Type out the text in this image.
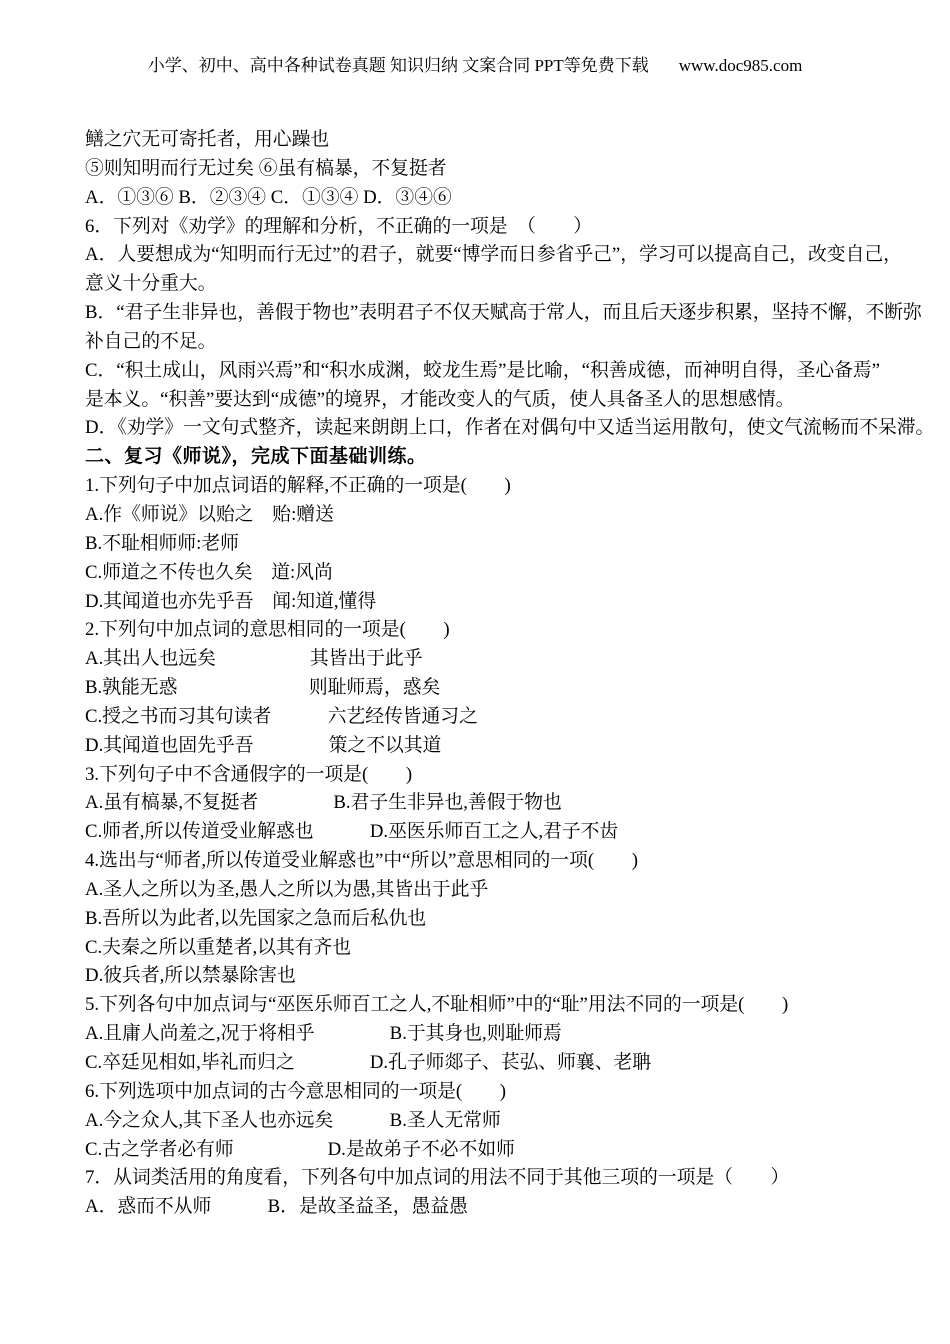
小学、初中、高中各种试卷真题 知识归纳 文案合同 PPT等免费下载 www.doc985.com
鳝之穴无可寄托者，用心躁也
⑤则知明而行无过矣 ⑥虽有槁暴，不复挺者
A．①③⑥ B．②③④ C．①③④ D．③④⑥
6．下列对《劝学》的理解和分析，不正确的一项是　（　　）
A．人要想成为“知明而行无过”的君子，就要“博学而日参省乎己”，学习可以提高自己，改变自己，
意义十分重大。
B．“君子生非异也，善假于物也”表明君子不仅天赋高于常人，而且后天逐步积累，坚持不懈，不断弥
补自己的不足。
C．“积土成山，风雨兴焉”和“积水成渊，蛟龙生焉”是比喻，“积善成德，而神明自得，圣心备焉”
是本义。“积善”要达到“成德”的境界，才能改变人的气质，使人具备圣人的思想感情。
D．《劝学》一文句式整齐，读起来朗朗上口，作者在对偶句中又适当运用散句，使文气流畅而不呆滞。
二、复习《师说》，完成下面基础训练。
1.下列句子中加点词语的解释,不正确的一项是(　　)
A.作《师说》以贻之　贻:赠送
B.不耻相师师:老师
C.师道之不传也久矣　道:风尚
D.其闻道也亦先乎吾　闻:知道,懂得
2.下列句中加点词的意思相同的一项是(　　)
A.其出人也远矣　　　　　其皆出于此乎
B.孰能无惑　　　　　　　则耻师焉，惑矣
C.授之书而习其句读者　　　六艺经传皆通习之
D.其闻道也固先乎吾　　　　策之不以其道
3.下列句子中不含通假字的一项是(　　)
A.虽有槁暴,不复挺者　　　　B.君子生非异也,善假于物也
C.师者,所以传道受业解惑也　　　D.巫医乐师百工之人,君子不齿
4.选出与“师者,所以传道受业解惑也”中“所以”意思相同的一项(　　)
A.圣人之所以为圣,愚人之所以为愚,其皆出于此乎
B.吾所以为此者,以先国家之急而后私仇也
C.夫秦之所以重楚者,以其有齐也
D.彼兵者,所以禁暴除害也
5.下列各句中加点词与“巫医乐师百工之人,不耻相师”中的“耻”用法不同的一项是(　　)
A.且庸人尚羞之,况于将相乎　　　　B.于其身也,则耻师焉
C.卒廷见相如,毕礼而归之　　　　D.孔子师郯子、苌弘、师襄、老聃
6.下列选项中加点词的古今意思相同的一项是(　　)
A.今之众人,其下圣人也亦远矣　　　B.圣人无常师
C.古之学者必有师　　　　　D.是故弟子不必不如师
7．从词类活用的角度看，下列各句中加点词的用法不同于其他三项的一项是（　　）
A．惑而不从师　　　B．是故圣益圣，愚益愚
